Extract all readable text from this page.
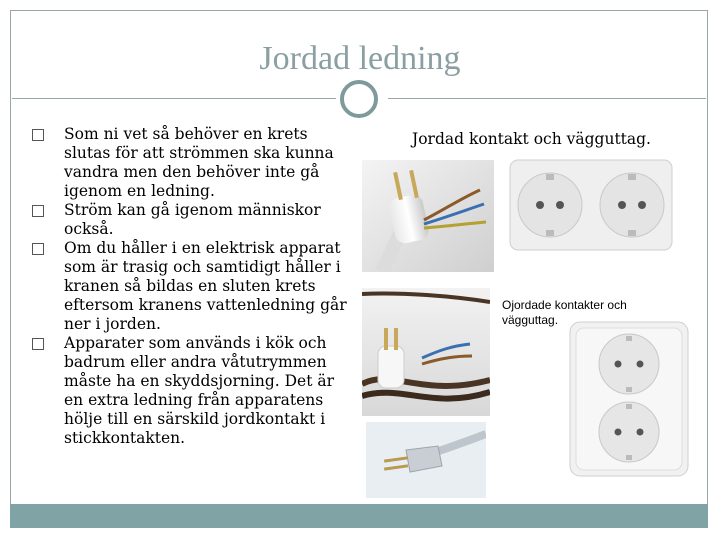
Jordad ledning
Som ni vet så behöver en krets slutas för att strömmen ska kunna vandra men den behöver inte gå igenom en ledning.
Ström kan gå igenom människor också.
Om du håller i en elektrisk apparat som är trasig och samtidigt håller i kranen så bildas en sluten krets eftersom kranens vattenledning går ner i jorden.
Apparater som används i kök och badrum eller andra våtutrymmen måste ha en skyddsjorning. Det är en extra ledning från apparatens hölje till en särskild jordkontakt i stickkontakten.
Jordad kontakt och vägguttag.
Ojordade kontakter och vägguttag.
